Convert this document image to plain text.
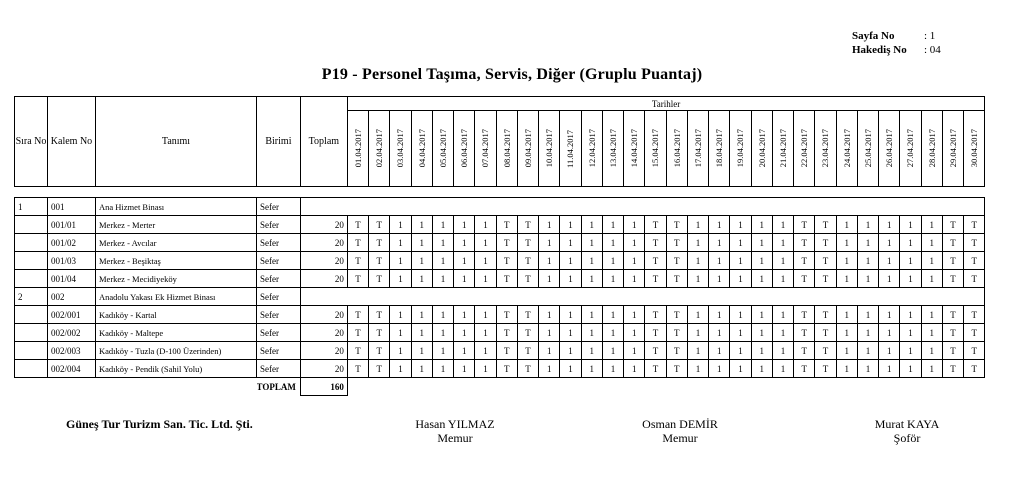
Sayfa No	: 1
Hakediş No	: 04
P19 - Personel Taşıma, Servis, Diğer (Gruplu Puantaj)
Sıra No	Kalem No	Tanımı	Birimi	Toplam	Tarihler																													

					01.04.2017	02.04.2017	03.04.2017	04.04.2017	05.04.2017	06.04.2017	07.04.2017	08.04.2017	09.04.2017	10.04.2017	11.04.2017	12.04.2017	13.04.2017	14.04.2017	15.04.2017	16.04.2017	17.04.2017	18.04.2017	19.04.2017	20.04.2017	21.04.2017	22.04.2017	23.04.2017	24.04.2017	25.04.2017	26.04.2017	27.04.2017	28.04.2017	29.04.2017	30.04.2017

1	001	Ana Hizmet Binası	Sefer																															
	001/01	Merkez - Merter	Sefer	20	T	T	1	1	1	1	1	T	T	1	1	1	1	1	T	T	1	1	1	1	1	T	T	1	1	1	1	1	T	T
	001/02	Merkez - Avcılar	Sefer	20	T	T	1	1	1	1	1	T	T	1	1	1	1	1	T	T	1	1	1	1	1	T	T	1	1	1	1	1	T	T
	001/03	Merkez - Beşiktaş	Sefer	20	T	T	1	1	1	1	1	T	T	1	1	1	1	1	T	T	1	1	1	1	1	T	T	1	1	1	1	1	T	T
	001/04	Merkez - Mecidiyeköy	Sefer	20	T	T	1	1	1	1	1	T	T	1	1	1	1	1	T	T	1	1	1	1	1	T	T	1	1	1	1	1	T	T
2	002	Anadolu Yakası Ek Hizmet Binası	Sefer																															
	002/001	Kadıköy - Kartal	Sefer	20	T	T	1	1	1	1	1	T	T	1	1	1	1	1	T	T	1	1	1	1	1	T	T	1	1	1	1	1	T	T
	002/002	Kadıköy - Maltepe	Sefer	20	T	T	1	1	1	1	1	T	T	1	1	1	1	1	T	T	1	1	1	1	1	T	T	1	1	1	1	1	T	T
	002/003	Kadıköy - Tuzla (D-100 Üzerinden)	Sefer	20	T	T	1	1	1	1	1	T	T	1	1	1	1	1	T	T	1	1	1	1	1	T	T	1	1	1	1	1	T	T
	002/004	Kadıköy - Pendik (Sahil Yolu)	Sefer	20	T	T	1	1	1	1	1	T	T	1	1	1	1	1	T	T	1	1	1	1	1	T	T	1	1	1	1	1	T	T
			TOPLAM	160																														
Güneş Tur Turizm San. Tic. Ltd. Şti.	Hasan YILMAZ
Memur
Osman DEMİR
Memur
Murat KAYA
Şoför
